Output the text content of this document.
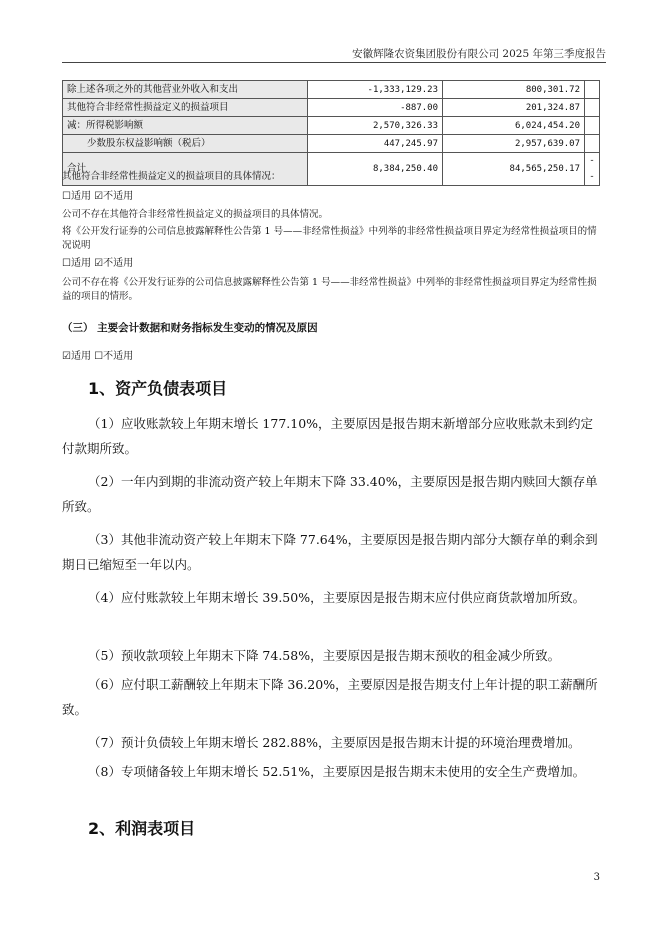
安徽辉隆农资集团股份有限公司 2025 年第三季度报告
除上述各项之外的其他营业外收入和支出	-1,333,129.23	800,301.72	
其他符合非经常性损益定义的损益项目	-887.00	201,324.87	
减：所得税影响额	2,570,326.33	6,024,454.20	
少数股东权益影响额（税后）	447,245.97	2,957,639.07	
合计	8,384,250.40	84,565,250.17	--
其他符合非经常性损益定义的损益项目的具体情况：
☐适用 ☑不适用
公司不存在其他符合非经常性损益定义的损益项目的具体情况。
将《公开发行证券的公司信息披露解释性公告第 1 号——非经常性损益》中列举的非经常性损益项目界定为经常性损益项目的情况说明
☐适用 ☑不适用
公司不存在将《公开发行证券的公司信息披露解释性公告第 1 号——非经常性损益》中列举的非经常性损益项目界定为经常性损益的项目的情形。
（三） 主要会计数据和财务指标发生变动的情况及原因
☑适用 ☐不适用
1、资产负债表项目
（1）应收账款较上年期末增长 177.10%，主要原因是报告期末新增部分应收账款未到约定付款期所致。
（2）一年内到期的非流动资产较上年期末下降 33.40%，主要原因是报告期内赎回大额存单所致。
（3）其他非流动资产较上年期末下降 77.64%，主要原因是报告期内部分大额存单的剩余到期日已缩短至一年以内。
（4）应付账款较上年期末增长 39.50%，主要原因是报告期末应付供应商货款增加所致。
（5）预收款项较上年期末下降 74.58%，主要原因是报告期末预收的租金减少所致。
（6）应付职工薪酬较上年期末下降 36.20%，主要原因是报告期支付上年计提的职工薪酬所致。
（7）预计负债较上年期末增长 282.88%，主要原因是报告期末计提的环境治理费增加。
（8）专项储备较上年期末增长 52.51%，主要原因是报告期末未使用的安全生产费增加。
2、利润表项目
3
